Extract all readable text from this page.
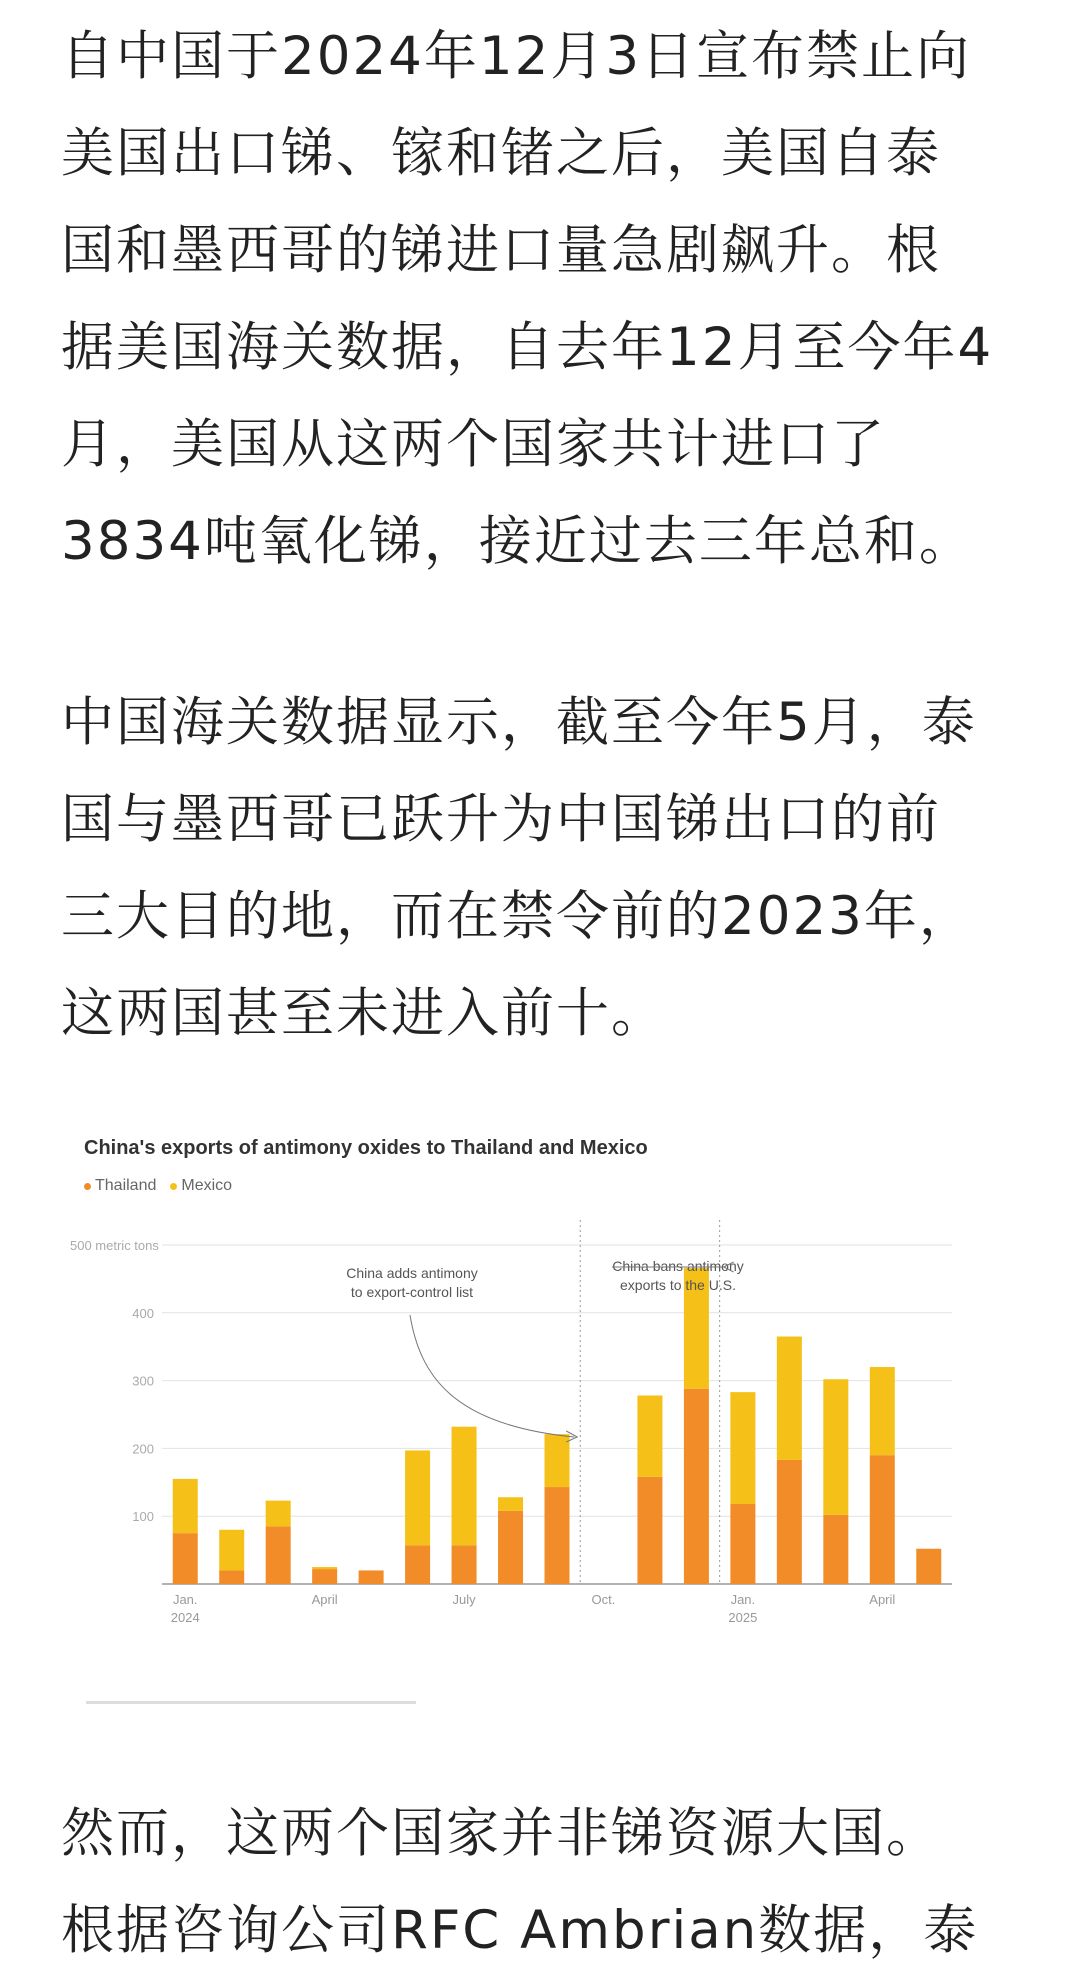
自中国于2024年12月3日宣布禁止向
美国出口锑、镓和锗之后，美国自泰
国和墨西哥的锑进口量急剧飙升。根
据美国海关数据，自去年12月至今年4
月，美国从这两个国家共计进口了
3834吨氧化锑，接近过去三年总和。

中国海关数据显示，截至今年5月，泰
国与墨西哥已跃升为中国锑出口的前
三大目的地，而在禁令前的2023年，
这两国甚至未进入前十。

500 metric tons
100
200
300
400
Jan.
2024
April	July	Oct.	Jan.
2025
April
China adds antimony
to export-control list
China bans antimony
exports to the U.S.
China's exports of antimony oxides to Thailand and Mexico
Thailand Mexico

然而，这两个国家并非锑资源大国。
根据咨询公司RFC Ambrian数据，泰
